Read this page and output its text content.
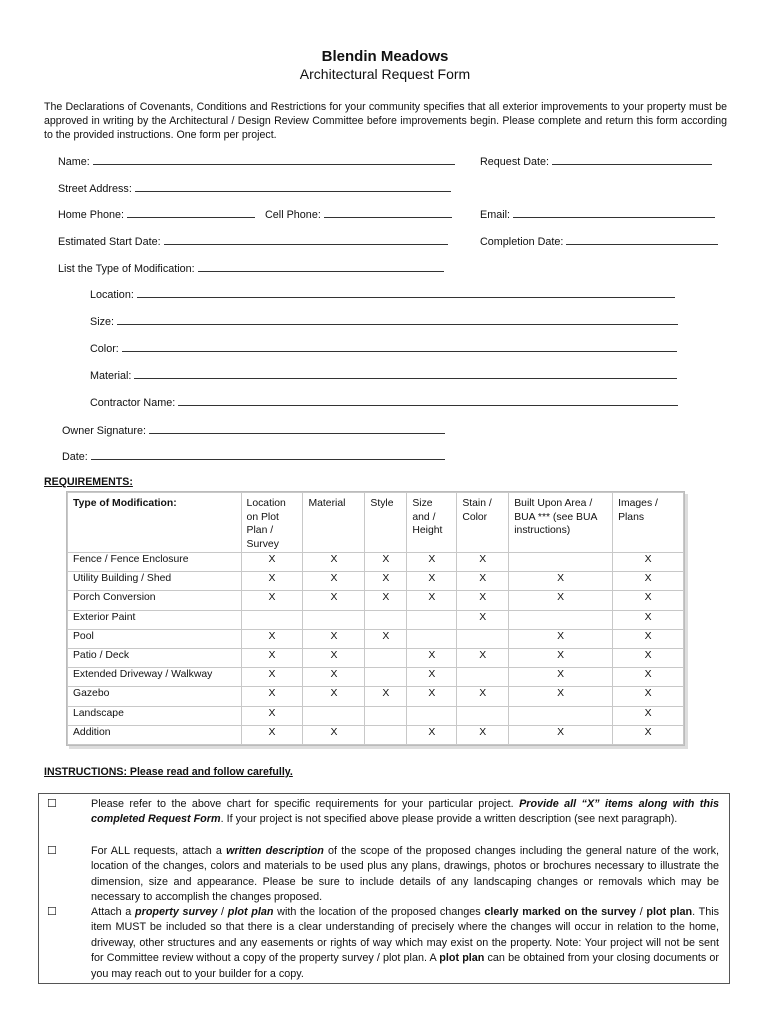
Blendin Meadows
Architectural Request Form
The Declarations of Covenants, Conditions and Restrictions for your community specifies that all exterior improvements to your property must be approved in writing by the Architectural / Design Review Committee before improvements begin. Please complete and return this form according to the provided instructions. One form per project.
Name:	Request Date:
Street Address:
Home Phone:	Cell Phone:	Email:
Estimated Start Date:	Completion Date:
List the Type of Modification:
Location:
Size:
Color:
Material:
Contractor Name:
Owner Signature:
Date:
REQUIREMENTS:
Type of Modification:	Location on Plot Plan / Survey	Material	Style	Size and / Height	Stain / Color	Built Upon Area / BUA *** (see BUA instructions)	Images / Plans
Fence / Fence Enclosure	X	X	X	X	X		X
Utility Building / Shed	X	X	X	X	X	X	X
Porch Conversion	X	X	X	X	X	X	X
Exterior Paint					X		X
Pool	X	X	X			X	X
Patio / Deck	X	X		X	X	X	X
Extended Driveway / Walkway	X	X		X		X	X
Gazebo	X	X	X	X	X	X	X
Landscape	X						X
Addition	X	X		X	X	X	X
INSTRUCTIONS: Please read and follow carefully.
☐	Please refer to the above chart for specific requirements for your particular project. Provide all “X” items along with this completed Request Form. If your project is not specified above please provide a written description (see next paragraph).
☐	For ALL requests, attach a written description of the scope of the proposed changes including the general nature of the work, location of the changes, colors and materials to be used plus any plans, drawings, photos or brochures necessary to illustrate the dimension, size and appearance. Please be sure to include details of any landscaping changes or removals which may be necessary to accomplish the changes proposed.
☐	Attach a property survey / plot plan with the location of the proposed changes clearly marked on the survey / plot plan. This item MUST be included so that there is a clear understanding of precisely where the changes will occur in relation to the home, driveway, other structures and any easements or rights of way which may exist on the property. Note: Your project will not be sent for Committee review without a copy of the property survey / plot plan. A plot plan can be obtained from your closing documents or you may reach out to your builder for a copy.
